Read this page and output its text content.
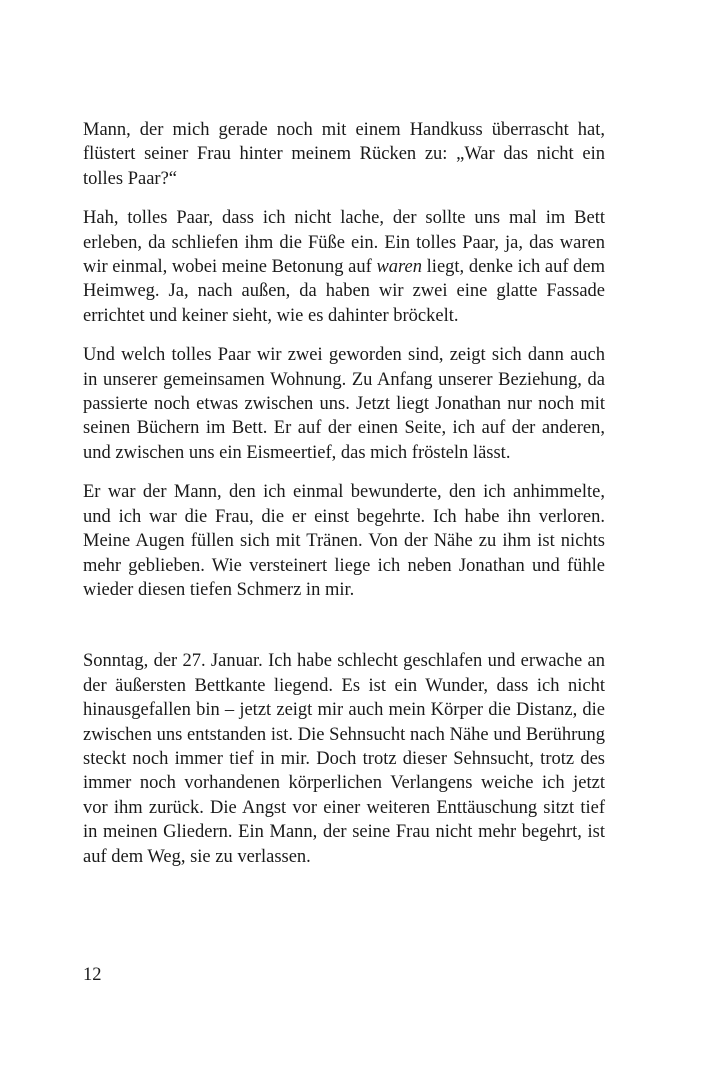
Mann, der mich gerade noch mit einem Handkuss überrascht hat, flüstert seiner Frau hinter meinem Rücken zu: „War das nicht ein tolles Paar?“

Hah, tolles Paar, dass ich nicht lache, der sollte uns mal im Bett erleben, da schliefen ihm die Füße ein. Ein tolles Paar, ja, das waren wir einmal, wobei meine Betonung auf waren liegt, denke ich auf dem Heimweg. Ja, nach außen, da haben wir zwei eine glatte Fassade errichtet und keiner sieht, wie es dahinter bröckelt.

Und welch tolles Paar wir zwei geworden sind, zeigt sich dann auch in unserer gemeinsamen Wohnung. Zu Anfang unserer Beziehung, da passierte noch etwas zwischen uns. Jetzt liegt Jonathan nur noch mit seinen Büchern im Bett. Er auf der einen Seite, ich auf der anderen, und zwischen uns ein Eismeertief, das mich frösteln lässt.

Er war der Mann, den ich einmal bewunderte, den ich anhimmelte, und ich war die Frau, die er einst begehrte. Ich habe ihn verloren. Meine Augen füllen sich mit Tränen. Von der Nähe zu ihm ist nichts mehr geblieben. Wie versteinert liege ich neben Jonathan und fühle wieder diesen tiefen Schmerz in mir.

Sonntag, der 27. Januar. Ich habe schlecht geschlafen und erwache an der äußersten Bettkante liegend. Es ist ein Wunder, dass ich nicht hinausgefallen bin – jetzt zeigt mir auch mein Körper die Distanz, die zwischen uns entstanden ist. Die Sehnsucht nach Nähe und Berührung steckt noch immer tief in mir. Doch trotz dieser Sehnsucht, trotz des immer noch vorhandenen körperlichen Verlangens weiche ich jetzt vor ihm zurück. Die Angst vor einer weiteren Enttäuschung sitzt tief in meinen Gliedern. Ein Mann, der seine Frau nicht mehr begehrt, ist auf dem Weg, sie zu verlassen.

12
